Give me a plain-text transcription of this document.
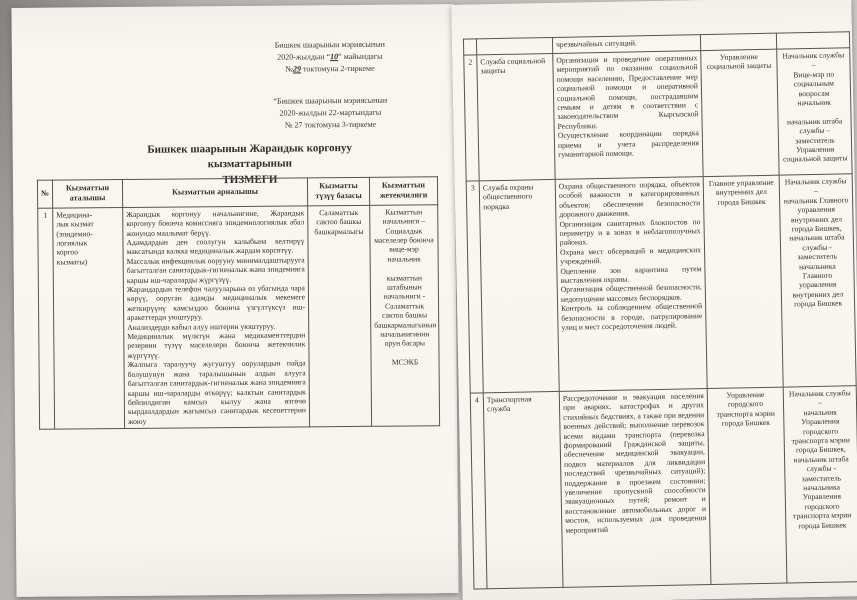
Бишкек шаарынын мэриясынын
2020-жылдын “10” майындагы
№29 токтомуна 2-тиркеме
“Бишкек шаарынын мэриясынын
2020-жылдын 22-мартындагы
№ 27 токтомуна 3-тиркеме
Бишкек шаарынын Жарандык коргонуу
кызматтарынын
ТИЗМЕГИ
№	Кызматтын аталышы	Кызматтын арналышы	Кызматты түзүү базасы	Кызматтын жетекчилиги
1	Медицина-
лык кызмат
(эпидемио-
логиялык
коргоо
кызматы)	Жарандык коргонуу начальнигине, Жарандык коргонуу боюнча комиссияга эпидемиологиялык абал жонундо маалымат берүү.
Адамдардын ден соолугун калыбына келтирүү максатында калкка медициналык жардам көрсөтүү.
Массалык инфекциялык оорууну минималдаштырууга багытталган санитардык-гигиеналык жана эпидемияга каршы иш-чараларды жүргүзүү.
Жарандардын телефон чалууларына өз убагында чара көрүү, ооруган адамды медициналык мекемеге жеткирүүнү камсыздоо боюнча үзгүлтүксүз иш-аракеттерди уюштуруу.
Анализдерди кабыл алуу иштерин уюштуруу.
Медициналык мүлктүн жана медикаменттердин резервин түзүү маселелери боюнча жетекчилик жүргүзүү.
Жалпыга таралуучу жугуштуу оорулардын пайда болушунун жана таралышынын алдын алууга багытталган санитардык-гигиеналык жана эпидемияга каршы иш-чараларды өткөрүү; калктын санитардык бейпилдигин камсыз кылуу жана өзгөчө кырдаалдардын жагымсыз санитардык кесепеттерин жоюу	Саламаттык сактоо башкы башкармалыгы	Кызматтын начальниги –
Социалдык маселелер боюнча вице-мэр начальник

кызматтын штабынын начальниги -
Саламаттык сактоо башкы башкармалыгынын начальнигинин орун басары

МСЭКБ
		чрезвычайных ситуаций.		
2	Служба социальной защиты	Организация и проведение оперативных мероприятий по оказанию социальной помощи населению, Предоставление мер социальной помощи и оперативной социальной помощи, пострадавшим семьям и детям в соответствии с законодательством Кыргызской Республики.
Осуществление координации порядка приема и учета распределения гуманитарной помощи.	Управление социальной защиты	Начальник службы –
Вице-мэр по социальным вопросам начальник

начальник штаба службы –
заместитель Управления социальной защиты
3	Служба охраны общественного порядка	Охрана общественного порядка, объектов особой важности и категорированных объектов; обеспечение безопасности дорожного движения.
Организация санитарных блокпостов по периметру и в зонах в неблагополучных районах.
Охрана мест обсерваций и медицинских учреждений.
Оцепление зон карантина путем выставления охраны.
Организация общественной безопасности, недопущение массовых беспорядков.
Контроль за соблюдением общественной безопасности в городе, патрулирование улиц и мест сосредоточения людей.	Главное управление внутренних дел города Бишкек	Начальник службы –
начальник Главного управления внутренних дел города Бишкек,
начальник штаба службы -
заместитель начальника Главного управления внутренних дел города Бишкек
4	Транспортная служба	Рассредоточение и эвакуация населения при авариях, катастрофах и других стихийных бедствиях, а также при ведении военных действий; выполнение перевозок всеми видами транспорта (перевозка формирований Гражданской защиты, обеспечение медицинской эвакуации, подвоз материалов для ликвидации последствий чрезвычайных ситуаций); поддержание в проезжем состоянии; увеличение пропускной способности эвакуационных путей; ремонт и восстановление автомобильных дорог и мостов, используемых для проведения мероприятий	Управление городского транспорта мэрии города Бишкек	Начальник службы –
начальник Управления городского транспорта мэрии города Бишкек,
начальник штаба службы -
заместитель начальника Управления городского транспорта мэрии города Бишкек
